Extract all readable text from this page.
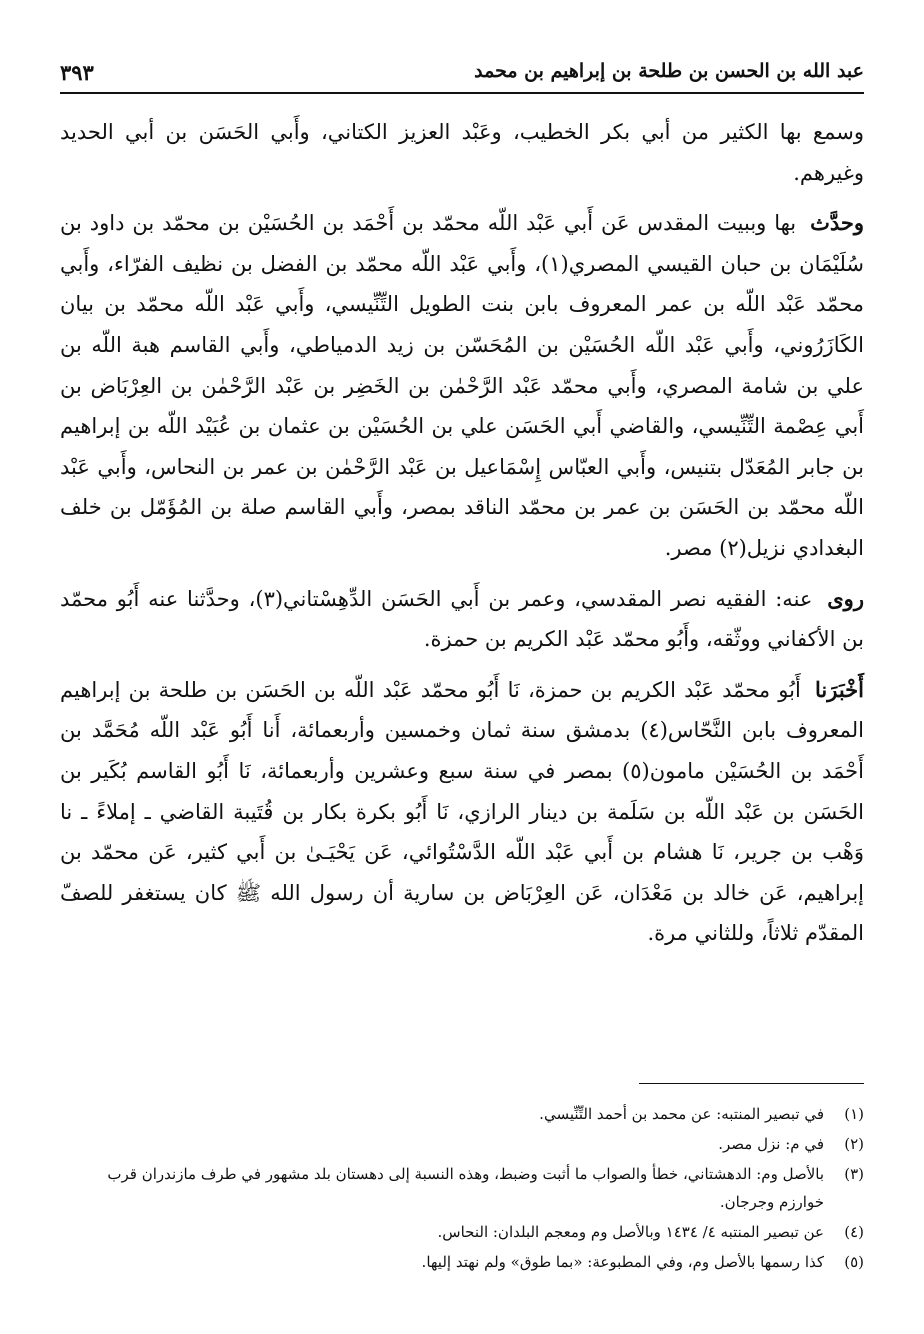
عبد الله بن الحسن بن طلحة بن إبراهيم بن محمد
٣٩٣

وسمع بها الكثير من أبي بكر الخطيب، وعَبْد العزيز الكتاني، وأَبي الحَسَن بن أبي الحديد وغيرهم.

وحدَّث بها وببيت المقدس عَن أَبي عَبْد اللّه محمّد بن أَحْمَد بن الحُسَيْن بن محمّد بن داود بن سُلَيْمَان بن حبان القيسي المصري(١)، وأَبي عَبْد اللّه محمّد بن الفضل بن نظيف الفرّاء، وأَبي محمّد عَبْد اللّه بن عمر المعروف بابن بنت الطويل التِّنِّيسي، وأَبي عَبْد اللّه محمّد بن بيان الكَازَرُوني، وأَبي عَبْد اللّه الحُسَيْن بن المُحَسّن بن زيد الدمياطي، وأَبي القاسم هبة اللّه بن علي بن شامة المصري، وأَبي محمّد عَبْد الرَّحْمٰن بن الخَضِر بن عَبْد الرَّحْمٰن بن العِرْبَاض بن أَبي عِصْمة التِّنِّيسي، والقاضي أَبي الحَسَن علي بن الحُسَيْن بن عثمان بن عُبَيْد اللّه بن إبراهيم بن جابر المُعَدّل بتنيس، وأَبي العبّاس إِسْمَاعيل بن عَبْد الرَّحْمٰن بن عمر بن النحاس، وأَبي عَبْد اللّه محمّد بن الحَسَن بن عمر بن محمّد الناقد بمصر، وأَبي القاسم صلة بن المُؤَمّل بن خلف البغدادي نزيل(٢) مصر.

روى عنه: الفقيه نصر المقدسي، وعمر بن أَبي الحَسَن الدِّهِسْتاني(٣)، وحدَّثنا عنه أَبُو محمّد بن الأكفاني ووثّقه، وأَبُو محمّد عَبْد الكريم بن حمزة.

أَخْبَرَنا أَبُو محمّد عَبْد الكريم بن حمزة، نَا أَبُو محمّد عَبْد اللّه بن الحَسَن بن طلحة بن إبراهيم المعروف بابن النَّحّاس(٤) بدمشق سنة ثمان وخمسين وأربعمائة، أَنا أَبُو عَبْد اللّه مُحَمَّد بن أَحْمَد بن الحُسَيْن مامون(٥) بمصر في سنة سبع وعشرين وأربعمائة، نَا أَبُو القاسم بُكَير بن الحَسَن بن عَبْد اللّه بن سَلَمة بن دينار الرازي، نَا أَبُو بكرة بكار بن قُتَيبة القاضي ـ إملاءً ـ نا وَهْب بن جرير، نَا هشام بن أَبي عَبْد اللّه الدَّسْتُوائي، عَن يَحْيَـىٰ بن أَبي كثير، عَن محمّد بن إبراهيم، عَن خالد بن مَعْدَان، عَن العِرْبَاض بن سارية أن رسول الله ﷺ كان يستغفر للصفّ المقدّم ثلاثاً، وللثاني مرة.

(١)
في تبصير المنتبه: عن محمد بن أحمد التِّنِّيسي.
(٢)
في م: نزل مصر.
(٣)
بالأصل وم: الدهشتاني، خطأ والصواب ما أثبت وضبط، وهذه النسبة إلى دهستان بلد مشهور في طرف مازندران قرب خوارزم وجرجان.
(٤)
عن تبصير المنتبه ٤/ ١٤٣٤ وبالأصل وم ومعجم البلدان: النحاس.
(٥)
كذا رسمها بالأصل وم، وفي المطبوعة: «بما طوق» ولم نهتد إليها.
